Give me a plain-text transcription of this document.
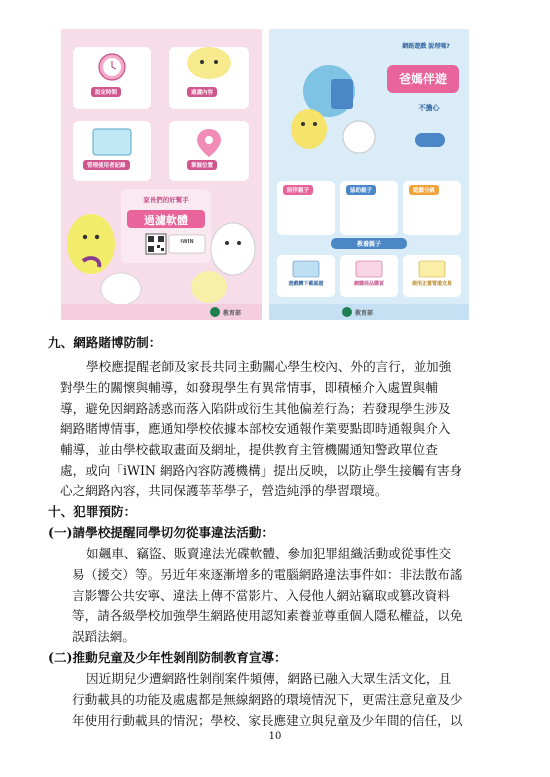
設定時間	過濾內容
管理使用者記錄	掌握位置
家長們的好幫手
過濾軟體
iWIN
教育部
網路遊戲 說理嗎?
爸媽伴遊
不擔心
陪伴親子	協助親子	遊戲分級
教養親子
遊戲轉下載認證	網購商品購買	使用正當管道交易
教育部
九、網路賭博防制：
學校應提醒老師及家長共同主動關心學生校內、外的言行，並加強
對學生的關懷與輔導，如發現學生有異常情事，即積極介入處置與輔
導，避免因網路誘惑而落入陷阱或衍生其他偏差行為；若發現學生涉及
網路賭博情事，應通知學校依據本部校安通報作業要點即時通報與介入
輔導，並由學校截取畫面及網址，提供教育主管機關通知警政單位查
處，或向「iWIN 網路內容防護機構」提出反映，以防止學生接觸有害身
心之網路內容，共同保護莘莘學子，營造純淨的學習環境。
十、犯罪預防：
(一)請學校提醒同學切勿從事違法活動：
如飆車、竊盜、販賣違法光碟軟體、參加犯罪組織活動或從事性交
易（援交）等。另近年來逐漸增多的電腦網路違法事件如：非法散布謠
言影響公共安寧、違法上傳不當影片、入侵他人網站竊取或篡改資料
等，請各級學校加強學生網路使用認知素養並尊重個人隱私權益，以免
誤蹈法網。
(二)推動兒童及少年性剝削防制教育宣導：
因近期兒少遭網路性剝削案件頻傳，網路已融入大眾生活文化，且
行動載具的功能及處處都是無線網路的環境情況下，更需注意兒童及少
年使用行動載具的情況；學校、家長應建立與兒童及少年間的信任，以
10
